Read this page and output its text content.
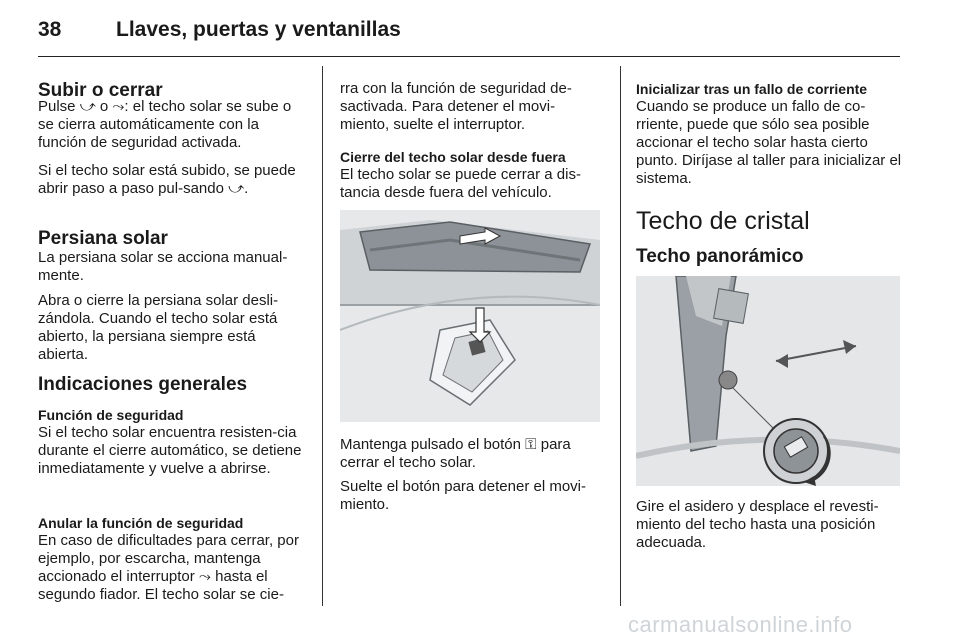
38	Llaves, puertas y ventanillas
Subir o cerrar

Pulse ⤻ o ⤳: el techo solar se sube o se cierra automáticamente con la función de seguridad activada.

Si el techo solar está subido, se puede abrir paso a paso pul-sando ⤻.

Persiana solar

La persiana solar se acciona manual-mente.

Abra o cierre la persiana solar desli-zándola. Cuando el techo solar está abierto, la persiana siempre está abierta.

Indicaciones generales
Función de seguridad

Si el techo solar encuentra resisten-cia durante el cierre automático, se detiene inmediatamente y vuelve a abrirse.

Anular la función de seguridad

En caso de dificultades para cerrar, por ejemplo, por escarcha, mantenga accionado el interruptor ⤳ hasta el segundo fiador. El techo solar se cie-

rra con la función de seguridad de-sactivada. Para detener el movi-miento, suelte el interruptor.

Cierre del techo solar desde fuera

El techo solar se puede cerrar a dis-tancia desde fuera del vehículo.

Mantenga pulsado el botón ⚿ para cerrar el techo solar.

Suelte el botón para detener el movi-miento.

Inicializar tras un fallo de corriente

Cuando se produce un fallo de co-rriente, puede que sólo sea posible accionar el techo solar hasta cierto punto. Diríjase al taller para inicializar el sistema.

Techo de cristal
Techo panorámico

Gire el asidero y desplace el revesti-miento del techo hasta una posición adecuada.

carmanualsonline.info
